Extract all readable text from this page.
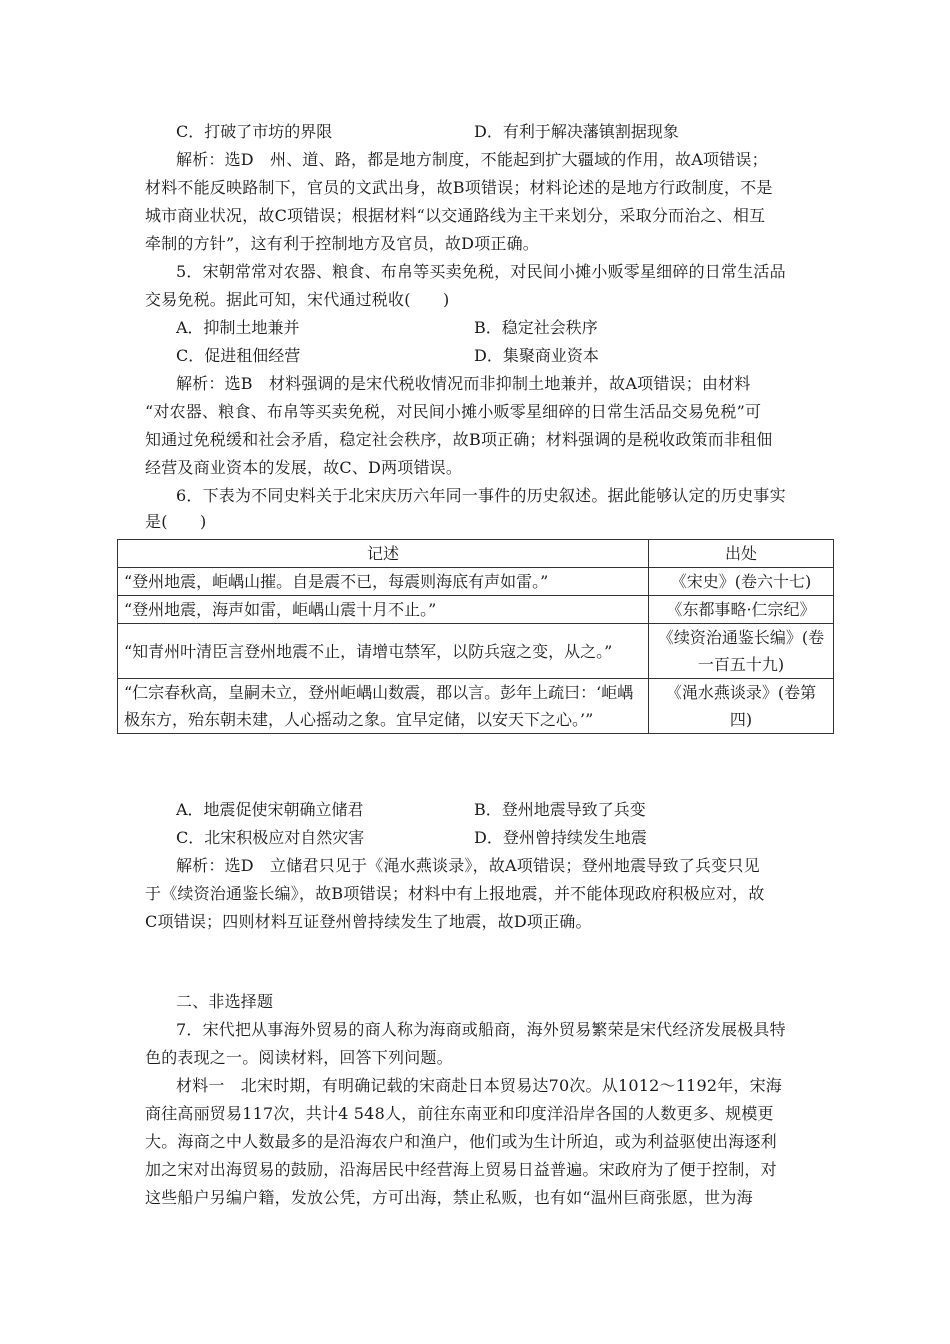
C．打破了市坊的界限	D．有利于解决藩镇割据现象
解析：选D　州、道、路，都是地方制度，不能起到扩大疆域的作用，故A项错误；
材料不能反映路制下，官员的文武出身，故B项错误；材料论述的是地方行政制度，不是
城市商业状况，故C项错误；根据材料“以交通路线为主干来划分，采取分而治之、相互
牵制的方针”，这有利于控制地方及官员，故D项正确。
5．宋朝常常对农器、粮食、布帛等买卖免税，对民间小摊小贩零星细碎的日常生活品
交易免税。据此可知，宋代通过税收(　　)
A．抑制土地兼并	B．稳定社会秩序
C．促进租佃经营	D．集聚商业资本
解析：选B　材料强调的是宋代税收情况而非抑制土地兼并，故A项错误；由材料
“对农器、粮食、布帛等买卖免税，对民间小摊小贩零星细碎的日常生活品交易免税”可
知通过免税缓和社会矛盾，稳定社会秩序，故B项正确；材料强调的是税收政策而非租佃
经营及商业资本的发展，故C、D两项错误。
6．下表为不同史料关于北宋庆历六年同一事件的历史叙述。据此能够认定的历史事实
是(　　)
记述	出处
“登州地震，岠嵎山摧。自是震不已，每震则海底有声如雷。”	《宋史》(卷六十七)
“登州地震，海声如雷，岠嵎山震十月不止。”	《东都事略·仁宗纪》
“知青州叶清臣言登州地震不止，请增屯禁军，以防兵寇之变，从之。”	《续资治通鉴长编》(卷一百五十九)
“仁宗春秋高，皇嗣未立，登州岠嵎山数震，郡以言。彭年上疏曰：‘岠嵎极东方，殆东朝未建，人心摇动之象。宜早定储，以安天下之心。’”	《渑水燕谈录》(卷第四)
A．地震促使宋朝确立储君	B．登州地震导致了兵变
C．北宋积极应对自然灾害	D．登州曾持续发生地震
解析：选D　立储君只见于《渑水燕谈录》，故A项错误；登州地震导致了兵变只见
于《续资治通鉴长编》，故B项错误；材料中有上报地震，并不能体现政府积极应对，故
C项错误；四则材料互证登州曾持续发生了地震，故D项正确。
二、非选择题
7．宋代把从事海外贸易的商人称为海商或船商，海外贸易繁荣是宋代经济发展极具特
色的表现之一。阅读材料，回答下列问题。
材料一　北宋时期，有明确记载的宋商赴日本贸易达70次。从1012～1192年，宋海
商往高丽贸易117次，共计4 548人，前往东南亚和印度洋沿岸各国的人数更多、规模更
大。海商之中人数最多的是沿海农户和渔户，他们或为生计所迫，或为利益驱使出海逐利
加之宋对出海贸易的鼓励，沿海居民中经营海上贸易日益普遍。宋政府为了便于控制，对
这些船户另编户籍，发放公凭，方可出海，禁止私贩，也有如“温州巨商张愿，世为海
